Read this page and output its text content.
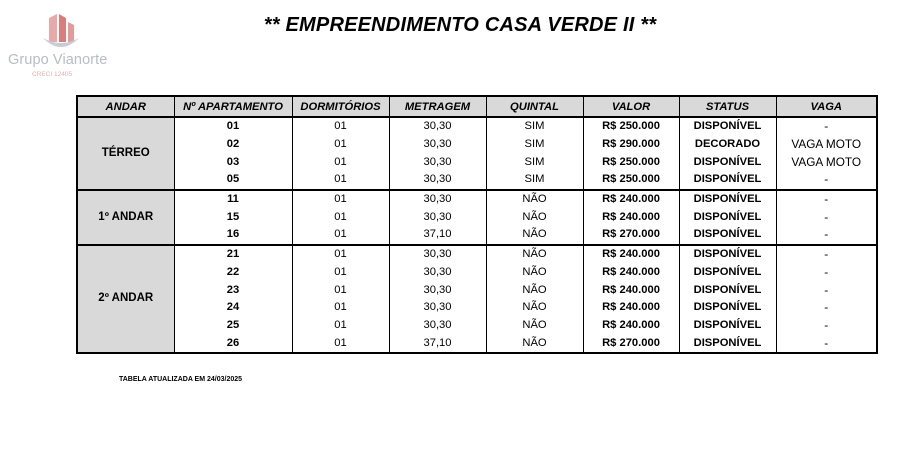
Grupo Vianorte
CRECI 12405
** EMPREENDIMENTO CASA VERDE II **
ANDAR	Nº APARTAMENTO	DORMITÓRIOS	METRAGEM	QUINTAL	VALOR	STATUS	VAGA
TÉRREO	01	01	30,30	SIM	R$ 250.000	DISPONÍVEL	-
	02	01	30,30	SIM	R$ 290.000	DECORADO	VAGA MOTO
	03	01	30,30	SIM	R$ 250.000	DISPONÍVEL	VAGA MOTO
	05	01	30,30	SIM	R$ 250.000	DISPONÍVEL	-
1º ANDAR	11	01	30,30	NÃO	R$ 240.000	DISPONÍVEL	-
	15	01	30,30	NÃO	R$ 240.000	DISPONÍVEL	-
	16	01	37,10	NÃO	R$ 270.000	DISPONÍVEL	-
2º ANDAR	21	01	30,30	NÃO	R$ 240.000	DISPONÍVEL	-
	22	01	30,30	NÃO	R$ 240.000	DISPONÍVEL	-
	23	01	30,30	NÃO	R$ 240.000	DISPONÍVEL	-
	24	01	30,30	NÃO	R$ 240.000	DISPONÍVEL	-
	25	01	30,30	NÃO	R$ 240.000	DISPONÍVEL	-
	26	01	37,10	NÃO	R$ 270.000	DISPONÍVEL	-
TABELA ATUALIZADA EM 24/03/2025
